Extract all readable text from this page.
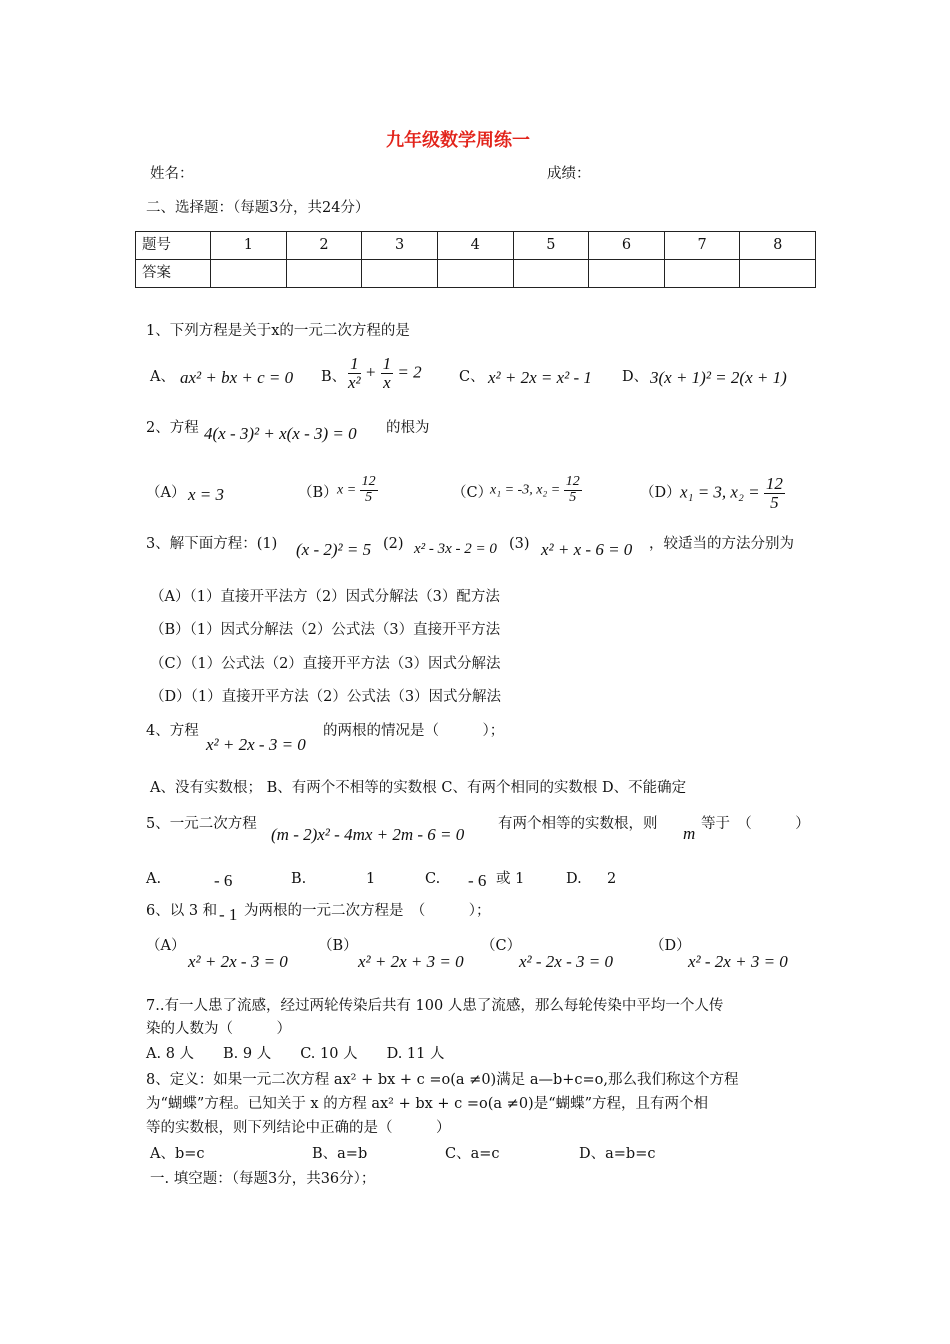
九年级数学周练一
姓名：	成绩：
二、选择题：（每题3分，共24分）
题号	1	2	3	4	5	6	7	8
答案								
1、下列方程是关于x的一元二次方程的是
A、 ax² + bx + c = 0 B、 $\frac{1}{\text{x²}} + \frac{1}{x} = 2$	C、 x² + 2x = x² - 1 D、 3(x + 1)² = 2(x + 1)
2、方程 4(x - 3)² + x(x - 3) = 0 的根为
（A） x = 3	（B） $x = \frac{12}{5}$	（C）
x₁ = -3, $x_2 = \frac{12}{5}$	（D） x₁ = 3, $x_2 = \frac{12}{5}$
3、解下面方程：(1) (x - 2)² = 5 (2) x² - 3x - 2 = 0 (3) x² + x - 6 = 0 ，较适当的方法分别为
（A）（1）直接开平法方（2）因式分解法（3）配方法
（B）（1）因式分解法（2）公式法（3）直接开平方法
（C）（1）公式法（2）直接开平方法（3）因式分解法
（D）（1）直接开平方法（2）公式法（3）因式分解法
4、方程
x² + 2x - 3 = 0
的两根的情况是（　　　）；
A、没有实数根； B、有两个不相等的实数根 C、有两个相同的实数根 D、不能确定
5、一元二次方程
(m - 2)x² - 4mx + 2m - 6 = 0
有两个相等的实数根，则 m 等于　（　　　）
A.	- 6	B.	1	C. - 6 或 1	D. 2
6、以 3 和 - 1 为两根的一元二次方程是　（　　　）；
（A）
x² + 2x - 3 = 0
（B）
x² + 2x + 3 = 0
（C）
x² - 2x - 3 = 0
（D）
x² - 2x + 3 = 0
7..有一人患了流感，经过两轮传染后共有 100 人患了流感，那么每轮传染中平均一个人传
染的人数为（　　　）
A. 8 人　　B. 9 人　　C. 10 人　　D. 11 人
8、定义：如果一元二次方程 ax² + bx + c =o(a ≠0)满足 a—b+c=o,那么我们称这个方程
为“蝴蝶”方程。已知关于 x 的方程 ax² + bx + c =o(a ≠0)是“蝴蝶”方程，且有两个相
等的实数根，则下列结论中正确的是（　　　）
A、b=c	B、a=b	C、a=c	D、a=b=c
一. 填空题：（每题3分，共36分）；
